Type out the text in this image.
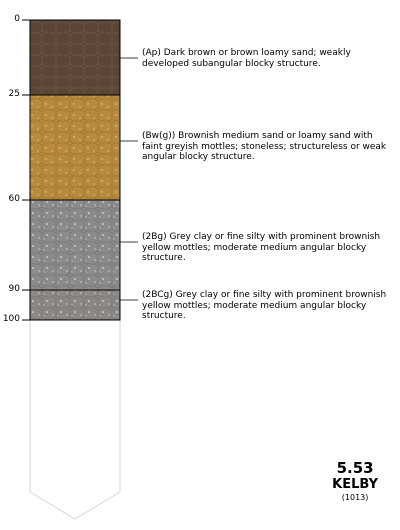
0
25
60
90
100
(Ap) Dark brown or brown loamy sand; weakly developed subangular blocky structure.
(Bw(g)) Brownish medium sand or loamy sand with faint greyish mottles; stoneless; structureless or weak angular blocky structure.
(2Bg) Grey clay or fine silty with prominent brownish yellow mottles; moderate medium angular blocky structure.
(2BCg) Grey clay or fine silty with prominent brownish yellow mottles; moderate medium angular blocky structure.
5.53
KELBY
(1013)
